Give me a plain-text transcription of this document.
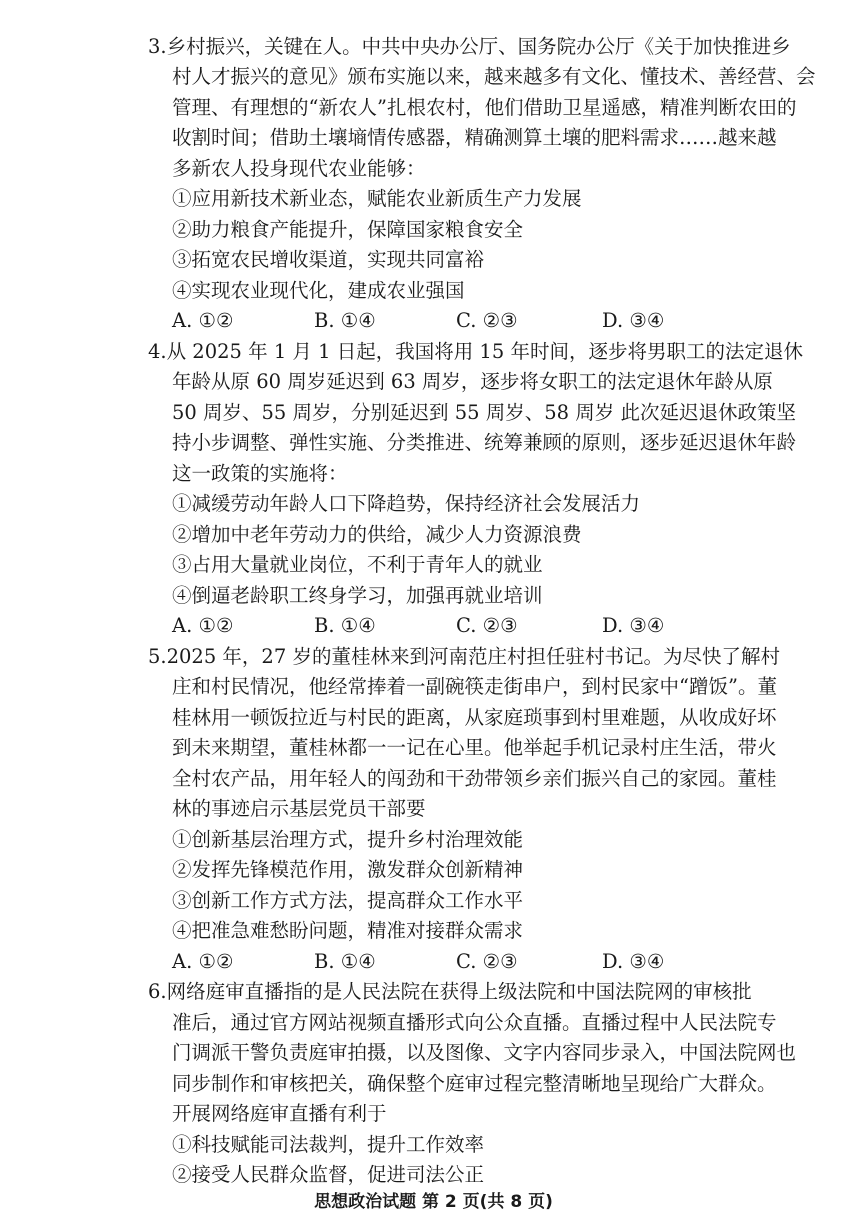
3.乡村振兴，关键在人。中共中央办公厅、国务院办公厅《关于加快推进乡
村人才振兴的意见》颁布实施以来，越来越多有文化、懂技术、善经营、会
管理、有理想的“新农人”扎根农村，他们借助卫星遥感，精准判断农田的
收割时间；借助土壤墒情传感器，精确测算土壤的肥料需求……越来越
多新农人投身现代农业能够：
①应用新技术新业态，赋能农业新质生产力发展
②助力粮食产能提升，保障国家粮食安全
③拓宽农民增收渠道，实现共同富裕
④实现农业现代化，建成农业强国
A. ①②	B. ①④	C. ②③	D. ③④
4.从 2025 年 1 月 1 日起，我国将用 15 年时间，逐步将男职工的法定退休
年龄从原 60 周岁延迟到 63 周岁，逐步将女职工的法定退休年龄从原
50 周岁、55 周岁，分别延迟到 55 周岁、58 周岁 此次延迟退休政策坚
持小步调整、弹性实施、分类推进、统筹兼顾的原则，逐步延迟退休年龄
这一政策的实施将：
①减缓劳动年龄人口下降趋势，保持经济社会发展活力
②增加中老年劳动力的供给，减少人力资源浪费
③占用大量就业岗位，不利于青年人的就业
④倒逼老龄职工终身学习，加强再就业培训
A. ①②	B. ①④	C. ②③	D. ③④
5.2025 年，27 岁的董桂林来到河南范庄村担任驻村书记。为尽快了解村
庄和村民情况，他经常捧着一副碗筷走街串户，到村民家中“蹭饭”。董
桂林用一顿饭拉近与村民的距离，从家庭琐事到村里难题，从收成好坏
到未来期望，董桂林都一一记在心里。他举起手机记录村庄生活，带火
全村农产品，用年轻人的闯劲和干劲带领乡亲们振兴自己的家园。董桂
林的事迹启示基层党员干部要
①创新基层治理方式，提升乡村治理效能
②发挥先锋模范作用，激发群众创新精神
③创新工作方式方法，提高群众工作水平
④把准急难愁盼问题，精准对接群众需求
A. ①②	B. ①④	C. ②③	D. ③④
6.网络庭审直播指的是人民法院在获得上级法院和中国法院网的审核批
准后，通过官方网站视频直播形式向公众直播。直播过程中人民法院专
门调派干警负责庭审拍摄，以及图像、文字内容同步录入，中国法院网也
同步制作和审核把关，确保整个庭审过程完整清晰地呈现给广大群众。
开展网络庭审直播有利于
①科技赋能司法裁判，提升工作效率
②接受人民群众监督，促进司法公正
思想政治试题 第 2 页(共 8 页)
